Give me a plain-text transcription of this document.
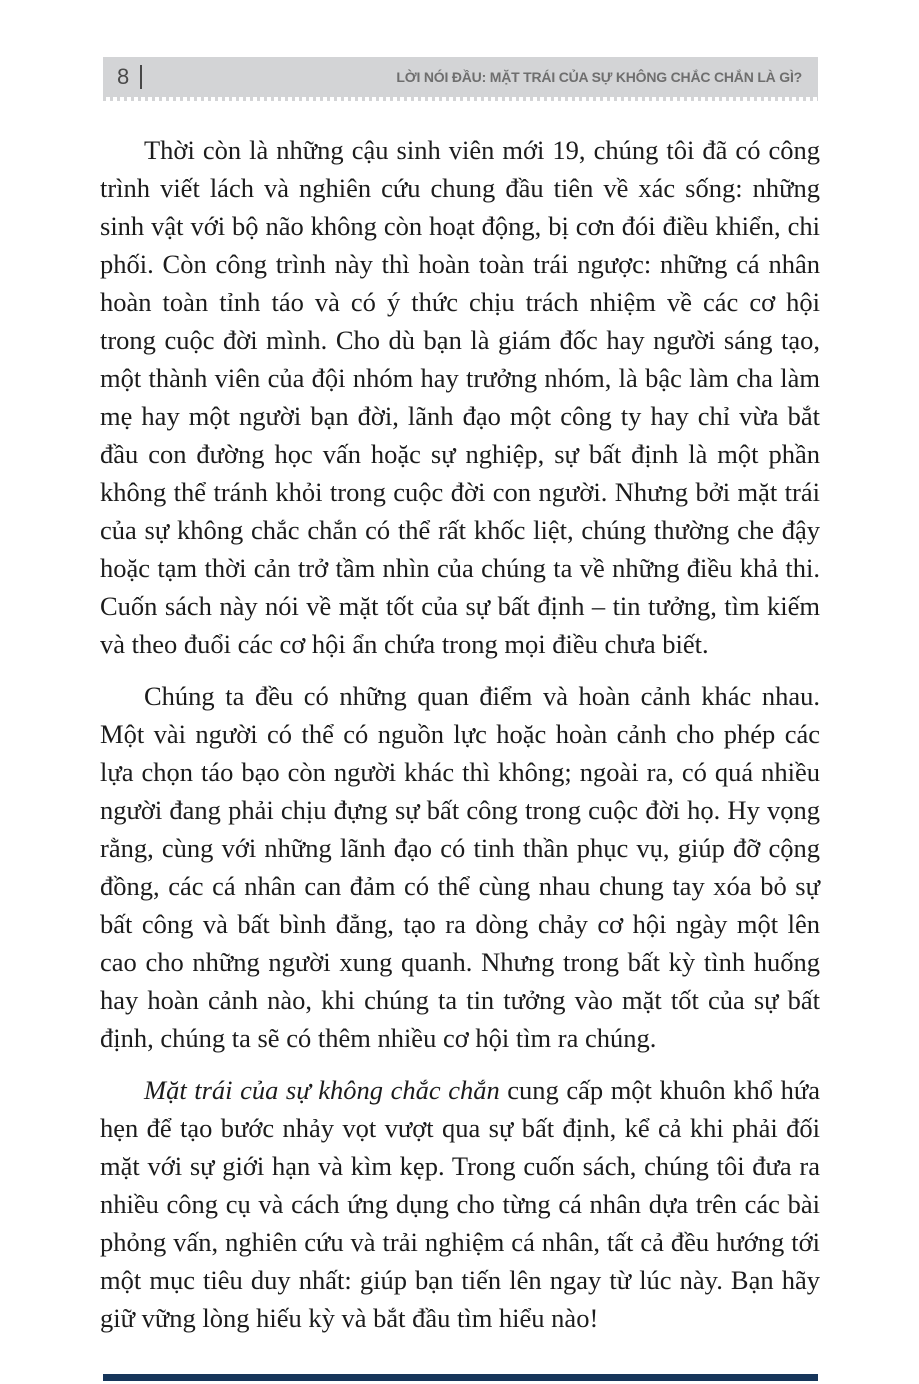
8	LỜI NÓI ĐẦU: MẶT TRÁI CỦA SỰ KHÔNG CHẮC CHẮN LÀ GÌ?

Thời còn là những cậu sinh viên mới 19, chúng tôi đã có công trình viết lách và nghiên cứu chung đầu tiên về xác sống: những sinh vật với bộ não không còn hoạt động, bị cơn đói điều khiển, chi phối. Còn công trình này thì hoàn toàn trái ngược: những cá nhân hoàn toàn tỉnh táo và có ý thức chịu trách nhiệm về các cơ hội trong cuộc đời mình. Cho dù bạn là giám đốc hay người sáng tạo, một thành viên của đội nhóm hay trưởng nhóm, là bậc làm cha làm mẹ hay một người bạn đời, lãnh đạo một công ty hay chỉ vừa bắt đầu con đường học vấn hoặc sự nghiệp, sự bất định là một phần không thể tránh khỏi trong cuộc đời con người. Nhưng bởi mặt trái của sự không chắc chắn có thể rất khốc liệt, chúng thường che đậy hoặc tạm thời cản trở tầm nhìn của chúng ta về những điều khả thi. Cuốn sách này nói về mặt tốt của sự bất định – tin tưởng, tìm kiếm và theo đuổi các cơ hội ẩn chứa trong mọi điều chưa biết.

Chúng ta đều có những quan điểm và hoàn cảnh khác nhau. Một vài người có thể có nguồn lực hoặc hoàn cảnh cho phép các lựa chọn táo bạo còn người khác thì không; ngoài ra, có quá nhiều người đang phải chịu đựng sự bất công trong cuộc đời họ. Hy vọng rằng, cùng với những lãnh đạo có tinh thần phục vụ, giúp đỡ cộng đồng, các cá nhân can đảm có thể cùng nhau chung tay xóa bỏ sự bất công và bất bình đẳng, tạo ra dòng chảy cơ hội ngày một lên cao cho những người xung quanh. Nhưng trong bất kỳ tình huống hay hoàn cảnh nào, khi chúng ta tin tưởng vào mặt tốt của sự bất định, chúng ta sẽ có thêm nhiều cơ hội tìm ra chúng.

Mặt trái của sự không chắc chắn cung cấp một khuôn khổ hứa hẹn để tạo bước nhảy vọt vượt qua sự bất định, kể cả khi phải đối mặt với sự giới hạn và kìm kẹp. Trong cuốn sách, chúng tôi đưa ra nhiều công cụ và cách ứng dụng cho từng cá nhân dựa trên các bài phỏng vấn, nghiên cứu và trải nghiệm cá nhân, tất cả đều hướng tới một mục tiêu duy nhất: giúp bạn tiến lên ngay từ lúc này. Bạn hãy giữ vững lòng hiếu kỳ và bắt đầu tìm hiểu nào!
